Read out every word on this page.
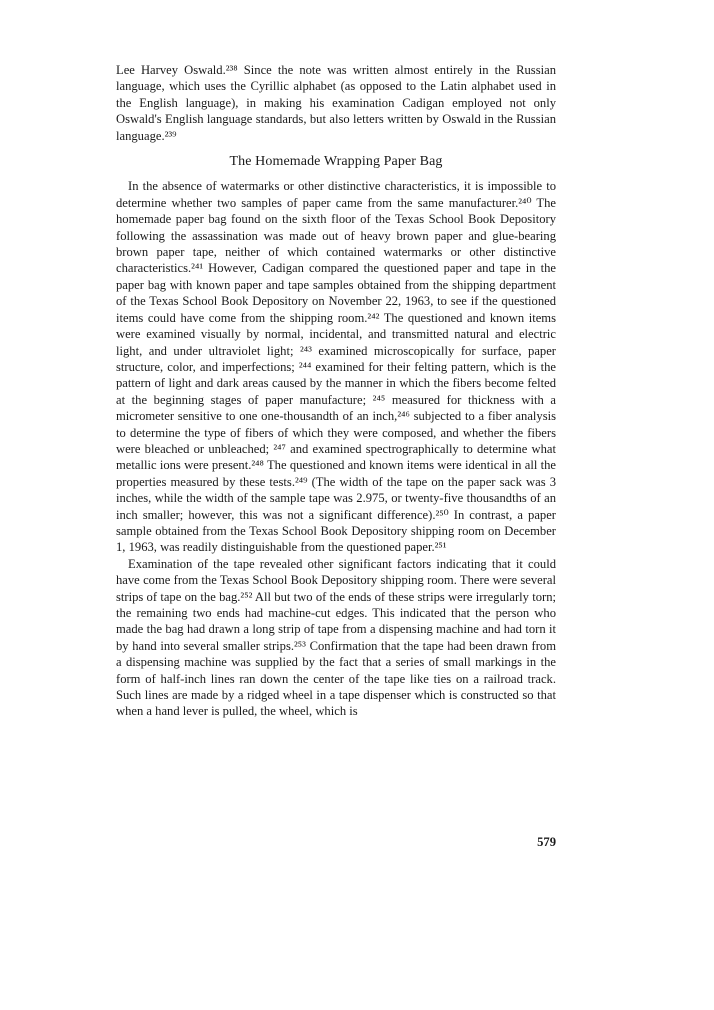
Lee Harvey Oswald.²³⁸ Since the note was written almost entirely in the Russian language, which uses the Cyrillic alphabet (as opposed to the Latin alphabet used in the English language), in making his examination Cadigan employed not only Oswald's English language standards, but also letters written by Oswald in the Russian language.²³⁹

The Homemade Wrapping Paper Bag

In the absence of watermarks or other distinctive characteristics, it is impossible to determine whether two samples of paper came from the same manufacturer.²⁴⁰ The homemade paper bag found on the sixth floor of the Texas School Book Depository following the assassination was made out of heavy brown paper and glue-bearing brown paper tape, neither of which contained watermarks or other distinctive characteristics.²⁴¹ However, Cadigan compared the questioned paper and tape in the paper bag with known paper and tape samples obtained from the shipping department of the Texas School Book Depository on November 22, 1963, to see if the questioned items could have come from the shipping room.²⁴² The questioned and known items were examined visually by normal, incidental, and transmitted natural and electric light, and under ultraviolet light; ²⁴³ examined microscopically for surface, paper structure, color, and imperfections; ²⁴⁴ examined for their felting pattern, which is the pattern of light and dark areas caused by the manner in which the fibers become felted at the beginning stages of paper manufacture; ²⁴⁵ measured for thickness with a micrometer sensitive to one one-thousandth of an inch,²⁴⁶ subjected to a fiber analysis to determine the type of fibers of which they were composed, and whether the fibers were bleached or unbleached; ²⁴⁷ and examined spectrographically to determine what metallic ions were present.²⁴⁸ The questioned and known items were identical in all the properties measured by these tests.²⁴⁹ (The width of the tape on the paper sack was 3 inches, while the width of the sample tape was 2.975, or twenty-five thousandths of an inch smaller; however, this was not a significant difference).²⁵⁰ In contrast, a paper sample obtained from the Texas School Book Depository shipping room on December 1, 1963, was readily distinguishable from the questioned paper.²⁵¹

Examination of the tape revealed other significant factors indicating that it could have come from the Texas School Book Depository shipping room. There were several strips of tape on the bag.²⁵² All but two of the ends of these strips were irregularly torn; the remaining two ends had machine-cut edges. This indicated that the person who made the bag had drawn a long strip of tape from a dispensing machine and had torn it by hand into several smaller strips.²⁵³ Confirmation that the tape had been drawn from a dispensing machine was supplied by the fact that a series of small markings in the form of half-inch lines ran down the center of the tape like ties on a railroad track. Such lines are made by a ridged wheel in a tape dispenser which is constructed so that when a hand lever is pulled, the wheel, which is

579
